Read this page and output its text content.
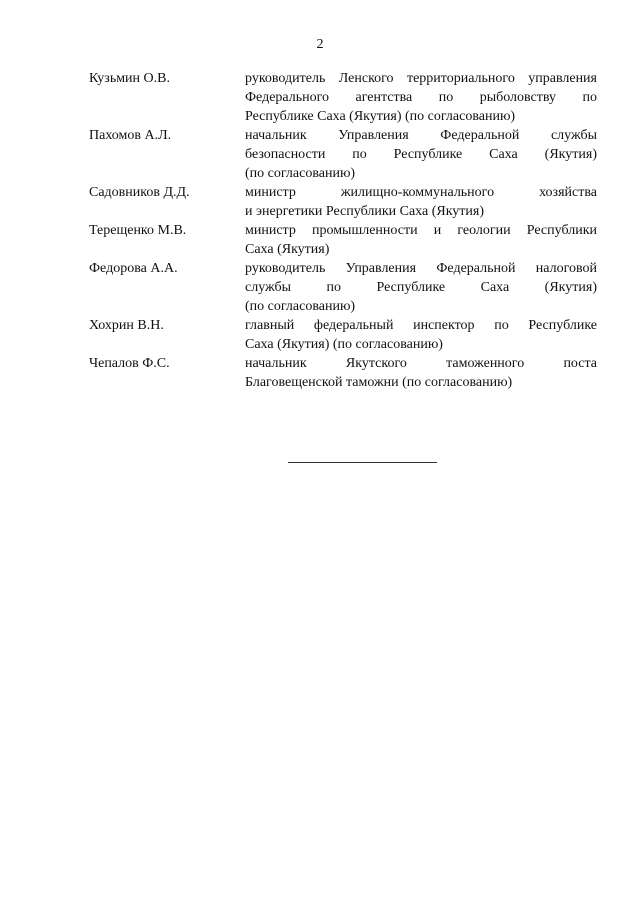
2
Кузьмин О.В.	руководитель Ленского территориального управления
Федерального агентства по рыболовству по
Республике Саха (Якутия) (по согласованию)
Пахомов А.Л.	начальник Управления Федеральной службы
безопасности по Республике Саха (Якутия)
(по согласованию)
Садовников Д.Д.	министр жилищно-коммунального хозяйства
и энергетики Республики Саха (Якутия)
Терещенко М.В.	министр промышленности и геологии Республики
Саха (Якутия)
Федорова А.А.	руководитель Управления Федеральной налоговой
службы по Республике Саха (Якутия)
(по согласованию)
Хохрин В.Н.	главный федеральный инспектор по Республике
Саха (Якутия) (по согласованию)
Чепалов Ф.С.	начальник Якутского таможенного поста
Благовещенской таможни (по согласованию)
